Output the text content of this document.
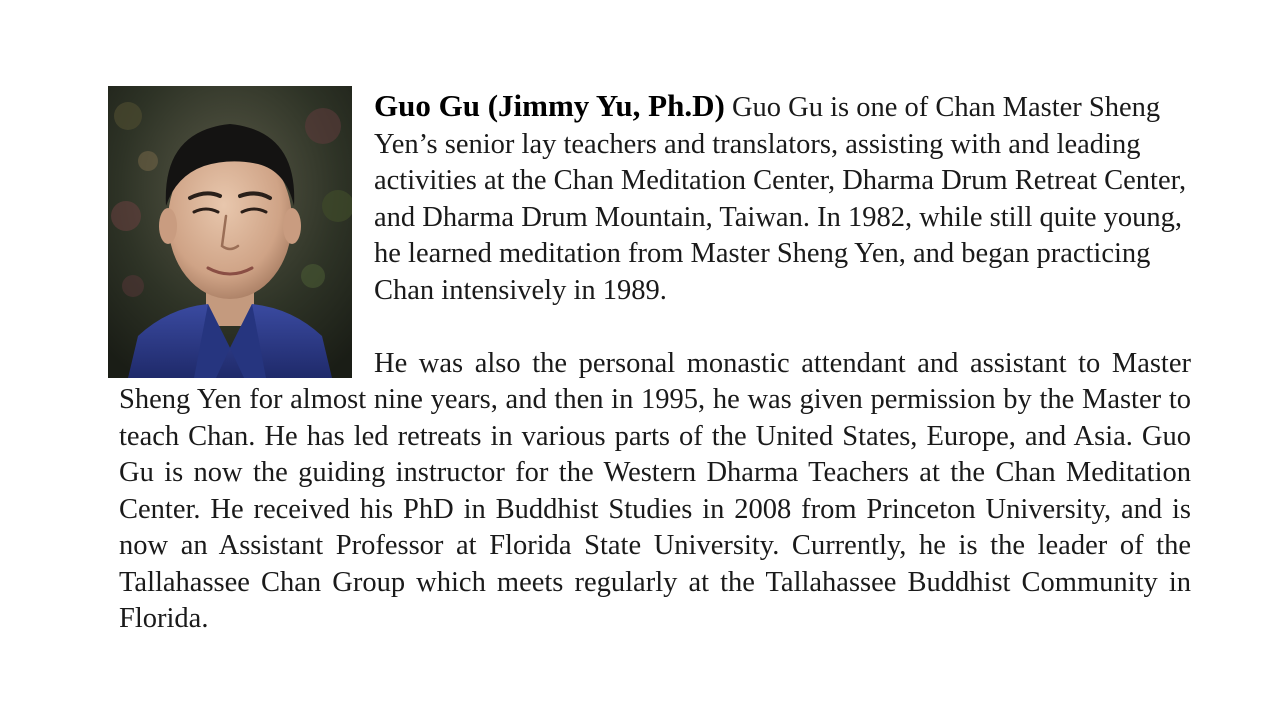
Guo Gu (Jimmy Yu, Ph.D) Guo Gu is one of Chan Master Sheng Yen’s senior lay teachers and translators, assisting with and leading activities at the Chan Meditation Center, Dharma Drum Retreat Center, and Dharma Drum Mountain, Taiwan. In 1982, while still quite young, he learned meditation from Master Sheng Yen, and began practicing Chan intensively in 1989.

He was also the personal monastic attendant and assistant to Master Sheng Yen for almost nine years, and then in 1995, he was given permission by the Master to teach Chan. He has led retreats in various parts of the United States, Europe, and Asia. Guo Gu is now the guiding instructor for the Western Dharma Teachers at the Chan Meditation Center. He received his PhD in Buddhist Studies in 2008 from Princeton University, and is now an Assistant Professor at Florida State University. Currently, he is the leader of the Tallahassee Chan Group which meets regularly at the Tallahassee Buddhist Community in Florida.
